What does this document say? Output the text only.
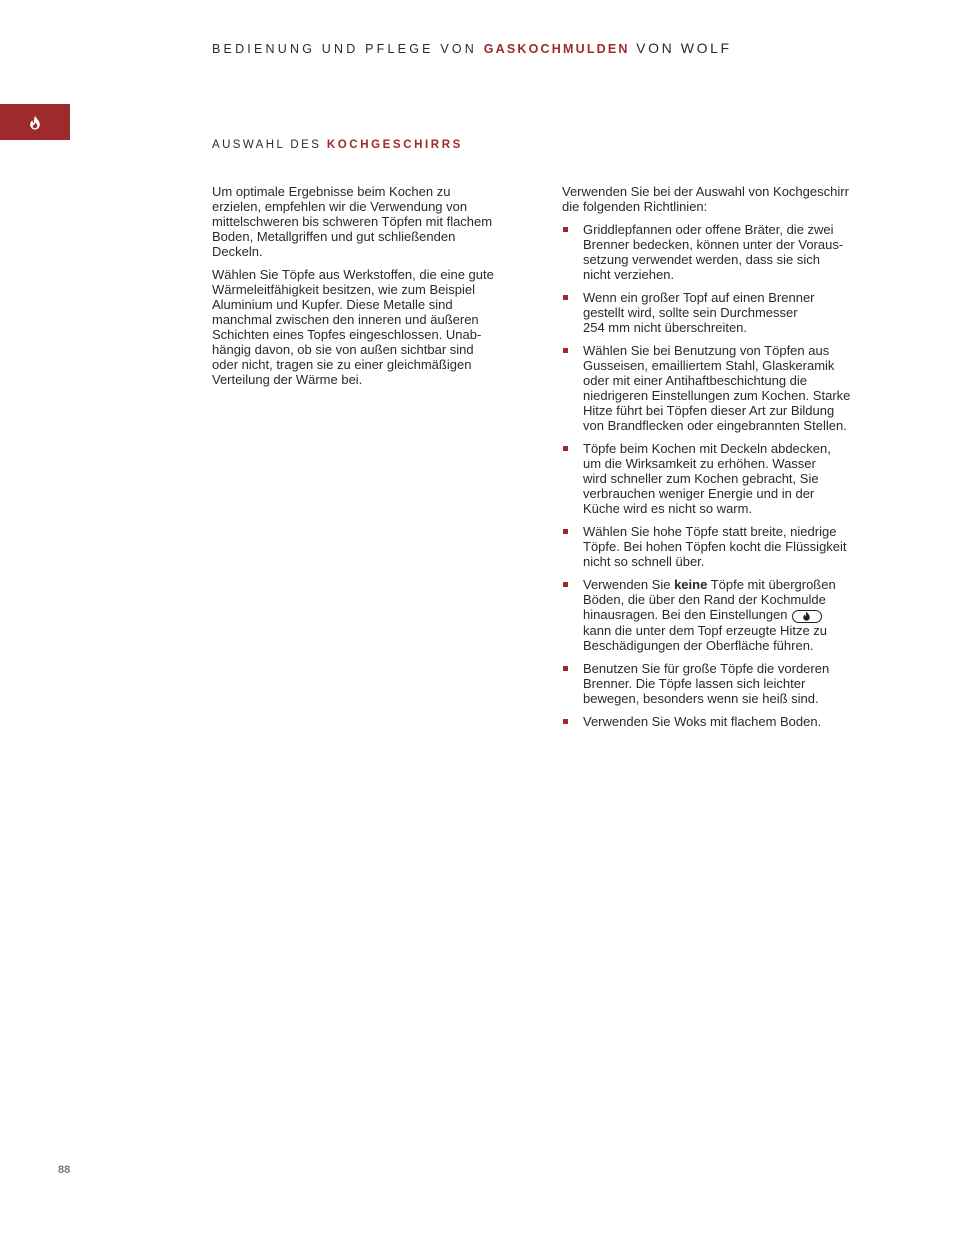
BEDIENUNG UND PFLEGE VON GASKOCHMULDEN VON WOLF
AUSWAHL DES KOCHGESCHIRRS

Um optimale Ergebnisse beim Kochen zu
erzielen, empfehlen wir die Verwendung von
mittelschweren bis schweren Töpfen mit flachem
Boden, Metallgriffen und gut schließenden
Deckeln.

Wählen Sie Töpfe aus Werkstoffen, die eine gute
Wärmeleitfähigkeit besitzen, wie zum Beispiel
Aluminium und Kupfer. Diese Metalle sind
manchmal zwischen den inneren und äußeren
Schichten eines Topfes eingeschlossen. Unab-
hängig davon, ob sie von außen sichtbar sind
oder nicht, tragen sie zu einer gleichmäßigen
Verteilung der Wärme bei.

Verwenden Sie bei der Auswahl von Kochgeschirr
die folgenden Richtlinien:

Griddlepfannen oder offene Bräter, die zwei
Brenner bedecken, können unter der Voraus-
setzung verwendet werden, dass sie sich
nicht verziehen.
Wenn ein großer Topf auf einen Brenner
gestellt wird, sollte sein Durchmesser
254 mm nicht überschreiten.
Wählen Sie bei Benutzung von Töpfen aus
Gusseisen, emailliertem Stahl, Glaskeramik
oder mit einer Antihaftbeschichtung die
niedrigeren Einstellungen zum Kochen. Starke
Hitze führt bei Töpfen dieser Art zur Bildung
von Brandflecken oder eingebrannten Stellen.
Töpfe beim Kochen mit Deckeln abdecken,
um die Wirksamkeit zu erhöhen. Wasser
wird schneller zum Kochen gebracht, Sie
verbrauchen weniger Energie und in der
Küche wird es nicht so warm.
Wählen Sie hohe Töpfe statt breite, niedrige
Töpfe. Bei hohen Töpfen kocht die Flüssigkeit
nicht so schnell über.
Verwenden Sie keine Töpfe mit übergroßen
Böden, die über den Rand der Kochmulde
hinausragen. Bei den Einstellungen

kann die unter dem Topf erzeugte Hitze zu
Beschädigungen der Oberfläche führen.
Benutzen Sie für große Töpfe die vorderen
Brenner. Die Töpfe lassen sich leichter
bewegen, besonders wenn sie heiß sind.
Verwenden Sie Woks mit flachem Boden.
88
